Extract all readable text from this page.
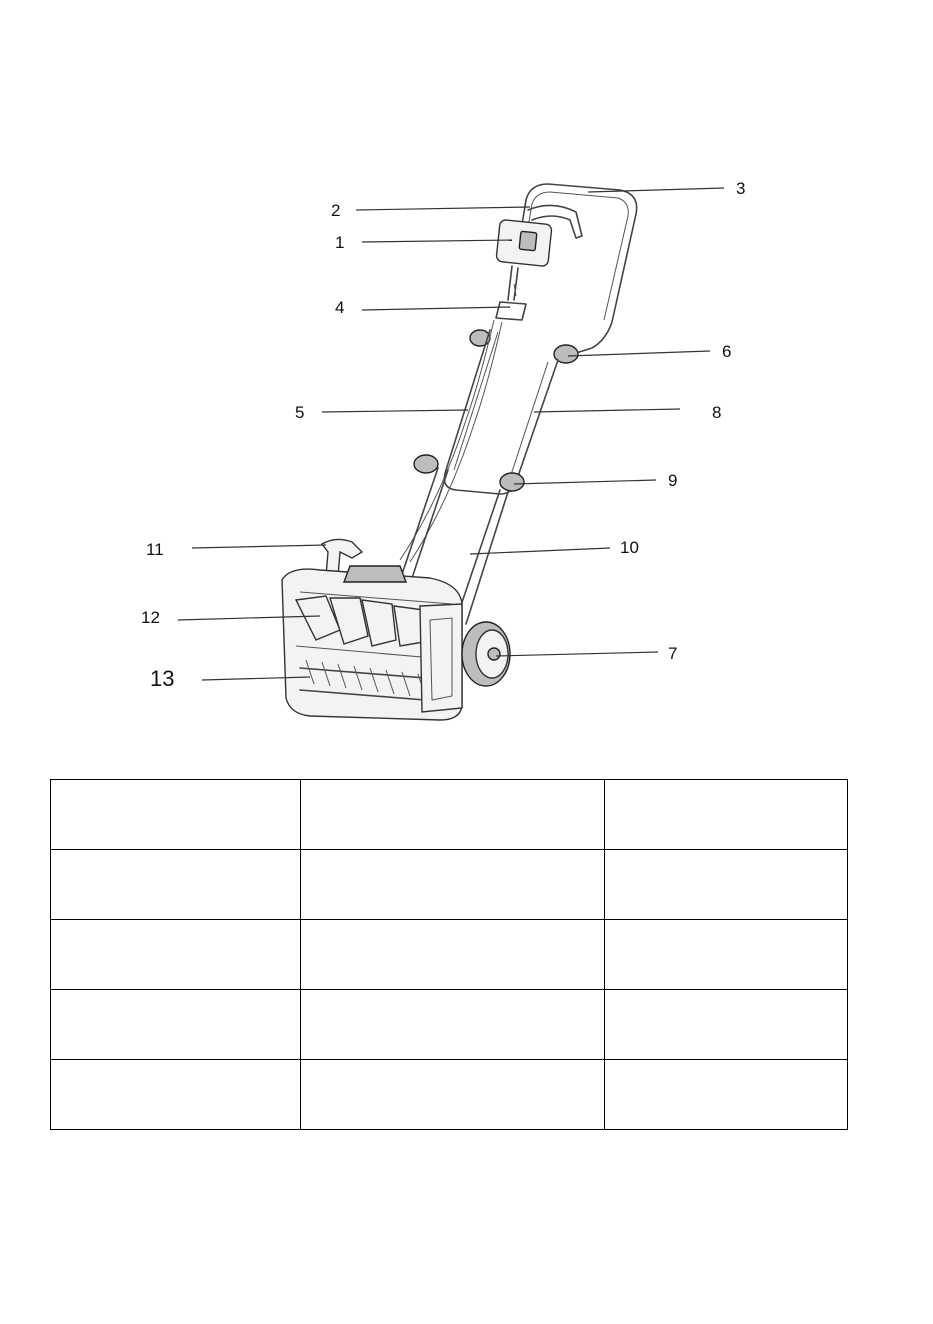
1
2
3
4
5
6
7
8
9
10
11
12
13
